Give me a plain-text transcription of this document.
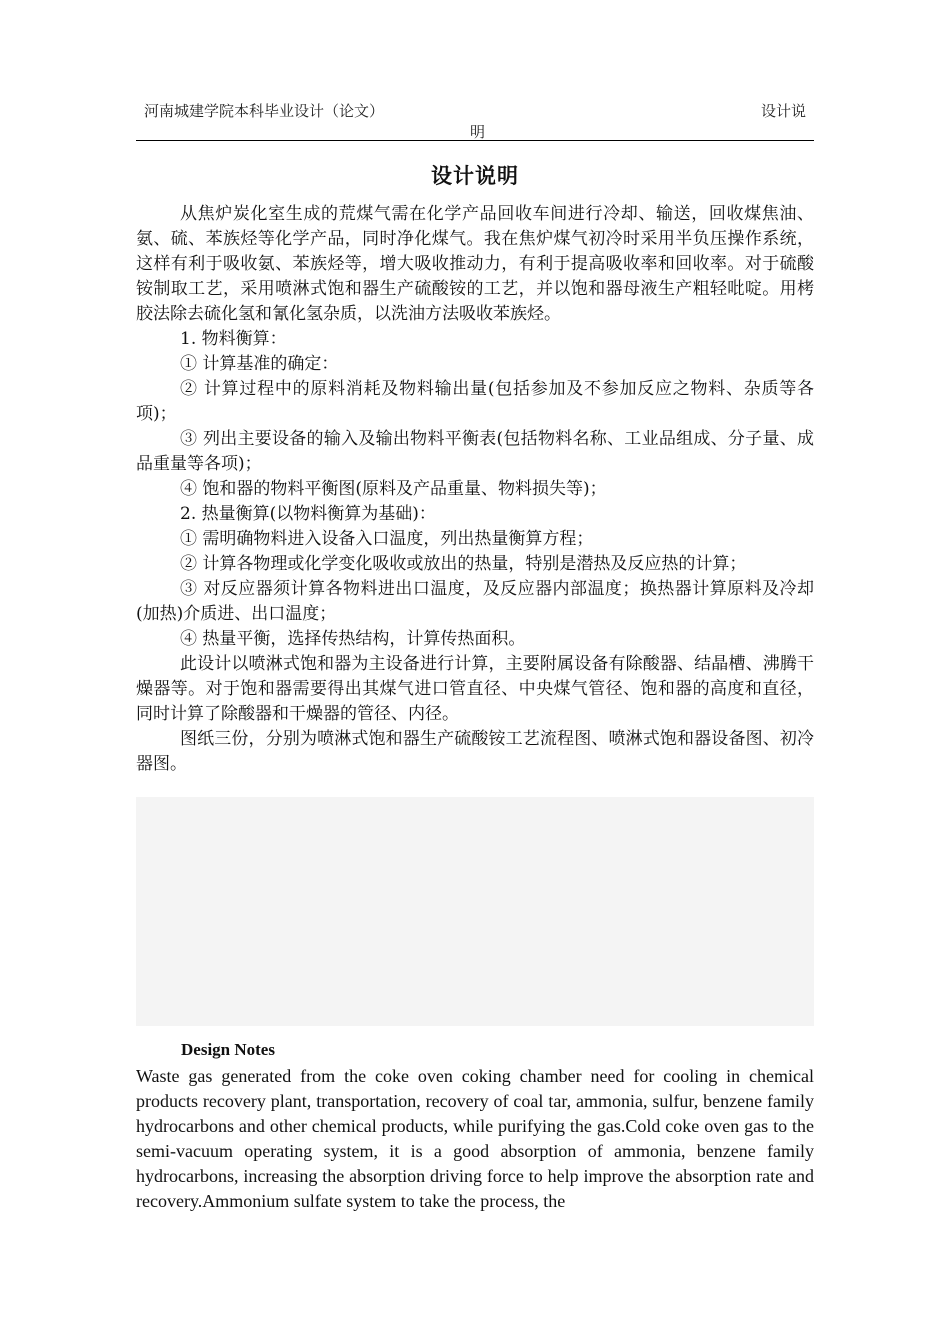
河南城建学院本科毕业设计（论文）	设计说
明
设计说明

从焦炉炭化室生成的荒煤气需在化学产品回收车间进行冷却、输送，回收煤焦油、氨、硫、苯族烃等化学产品，同时净化煤气。我在焦炉煤气初冷时采用半负压操作系统，这样有利于吸收氨、苯族烃等，增大吸收推动力，有利于提高吸收率和回收率。对于硫酸铵制取工艺，采用喷淋式饱和器生产硫酸铵的工艺，并以饱和器母液生产粗轻吡啶。用栲胶法除去硫化氢和氰化氢杂质，以洗油方法吸收苯族烃。

1. 物料衡算：

① 计算基准的确定：

② 计算过程中的原料消耗及物料输出量(包括参加及不参加反应之物料、杂质等各项)；

③ 列出主要设备的输入及输出物料平衡表(包括物料名称、工业品组成、分子量、成品重量等各项)；

④ 饱和器的物料平衡图(原料及产品重量、物料损失等)；

2. 热量衡算(以物料衡算为基础)：

① 需明确物料进入设备入口温度，列出热量衡算方程；

② 计算各物理或化学变化吸收或放出的热量，特别是潜热及反应热的计算；

③ 对反应器须计算各物料进出口温度，及反应器内部温度；换热器计算原料及冷却(加热)介质进、出口温度；

④ 热量平衡，选择传热结构，计算传热面积。

此设计以喷淋式饱和器为主设备进行计算，主要附属设备有除酸器、结晶槽、沸腾干燥器等。对于饱和器需要得出其煤气进口管直径、中央煤气管径、饱和器的高度和直径，同时计算了除酸器和干燥器的管径、内径。

图纸三份，分别为喷淋式饱和器生产硫酸铵工艺流程图、喷淋式饱和器设备图、初冷器图。

Design Notes

Waste gas generated from the coke oven coking chamber need for cooling in chemical products recovery plant, transportation, recovery of coal tar, ammonia, sulfur, benzene family hydrocarbons and other chemical products, while purifying the gas.Cold coke oven gas to the semi-vacuum operating system, it is a good absorption of ammonia, benzene family hydrocarbons, increasing the absorption driving force to help improve the absorption rate and recovery.Ammonium sulfate system to take the process, the
